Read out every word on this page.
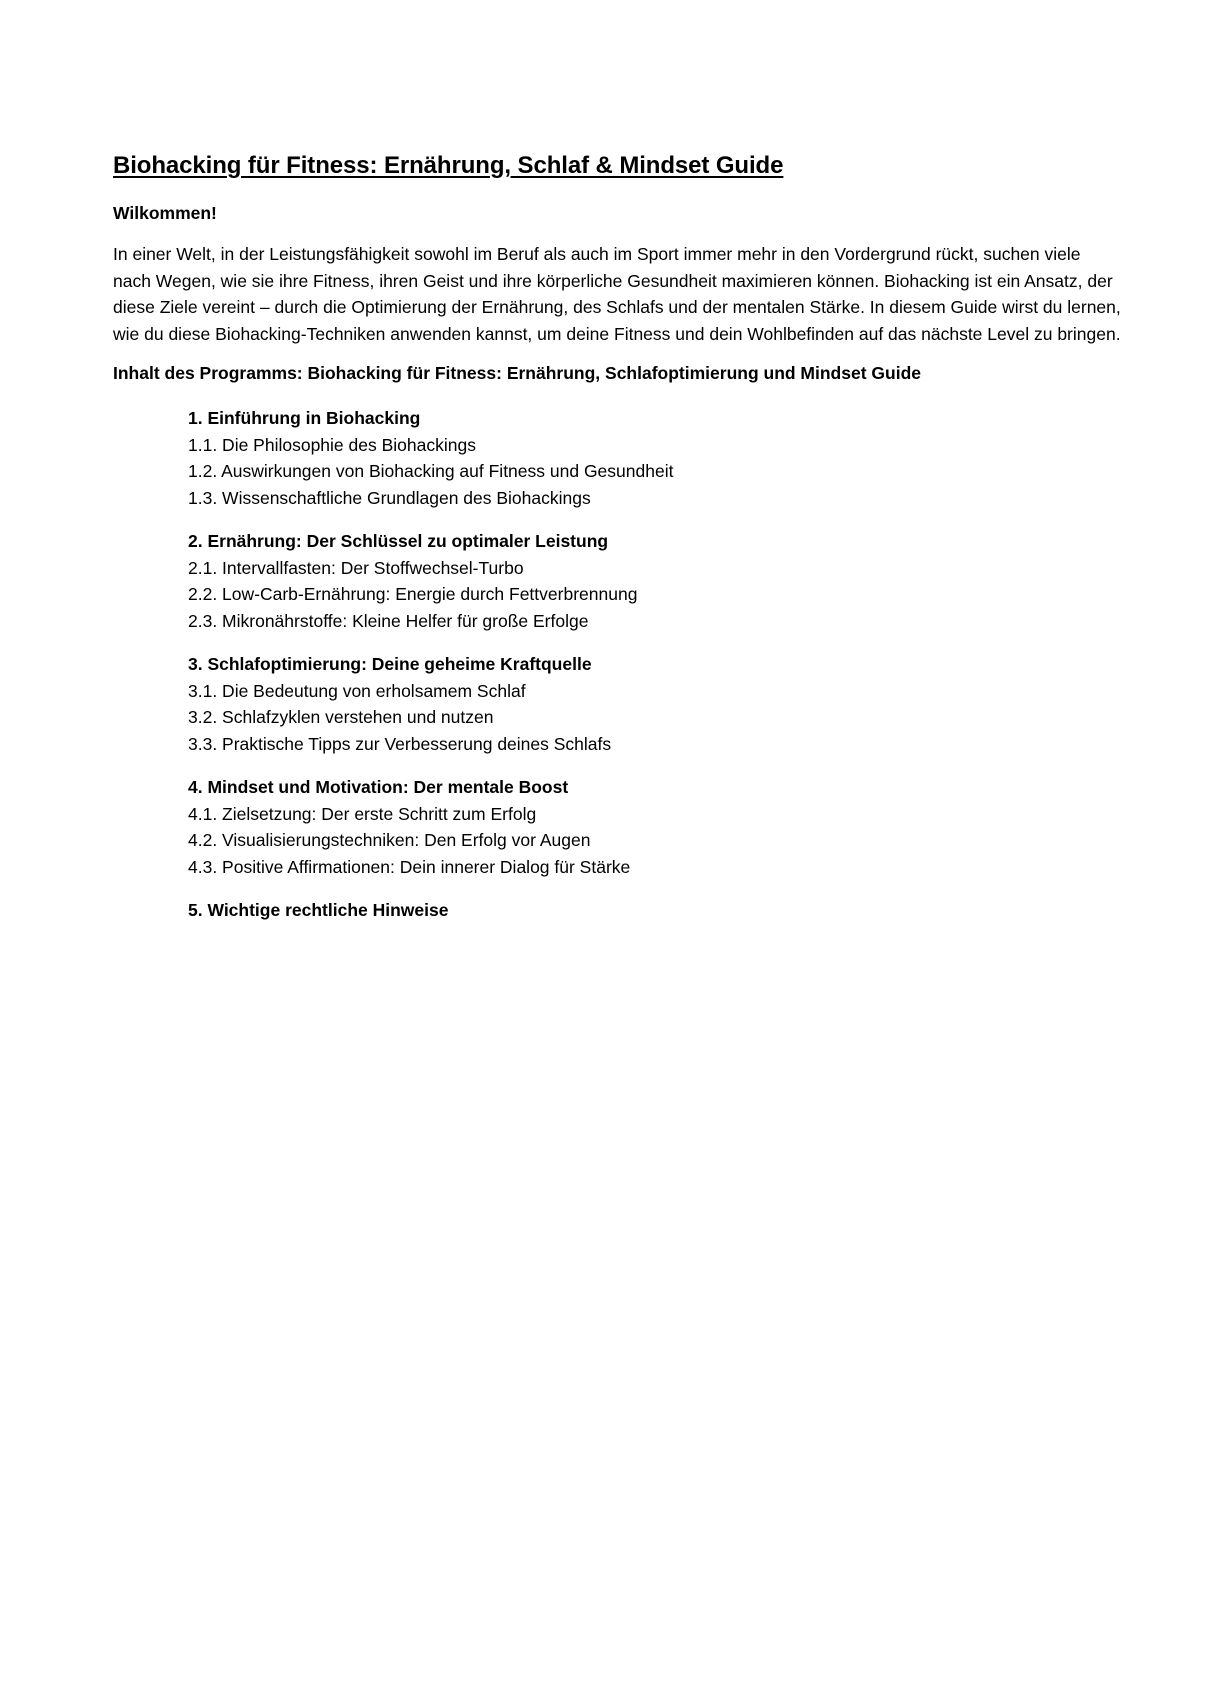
Biohacking für Fitness: Ernährung, Schlaf & Mindset Guide

Wilkommen!

In einer Welt, in der Leistungsfähigkeit sowohl im Beruf als auch im Sport immer mehr in den Vordergrund rückt, suchen viele nach Wegen, wie sie ihre Fitness, ihren Geist und ihre körperliche Gesundheit maximieren können. Biohacking ist ein Ansatz, der diese Ziele vereint – durch die Optimierung der Ernährung, des Schlafs und der mentalen Stärke. In diesem Guide wirst du lernen, wie du diese Biohacking-Techniken anwenden kannst, um deine Fitness und dein Wohlbefinden auf das nächste Level zu bringen.

Inhalt des Programms: Biohacking für Fitness: Ernährung, Schlafoptimierung und Mindset Guide

1. Einführung in Biohacking
1.1. Die Philosophie des Biohackings
1.2. Auswirkungen von Biohacking auf Fitness und Gesundheit
1.3. Wissenschaftliche Grundlagen des Biohackings
2. Ernährung: Der Schlüssel zu optimaler Leistung
2.1. Intervallfasten: Der Stoffwechsel-Turbo
2.2. Low-Carb-Ernährung: Energie durch Fettverbrennung
2.3. Mikronährstoffe: Kleine Helfer für große Erfolge
3. Schlafoptimierung: Deine geheime Kraftquelle
3.1. Die Bedeutung von erholsamem Schlaf
3.2. Schlafzyklen verstehen und nutzen
3.3. Praktische Tipps zur Verbesserung deines Schlafs
4. Mindset und Motivation: Der mentale Boost
4.1. Zielsetzung: Der erste Schritt zum Erfolg
4.2. Visualisierungstechniken: Den Erfolg vor Augen
4.3. Positive Affirmationen: Dein innerer Dialog für Stärke
5. Wichtige rechtliche Hinweise
